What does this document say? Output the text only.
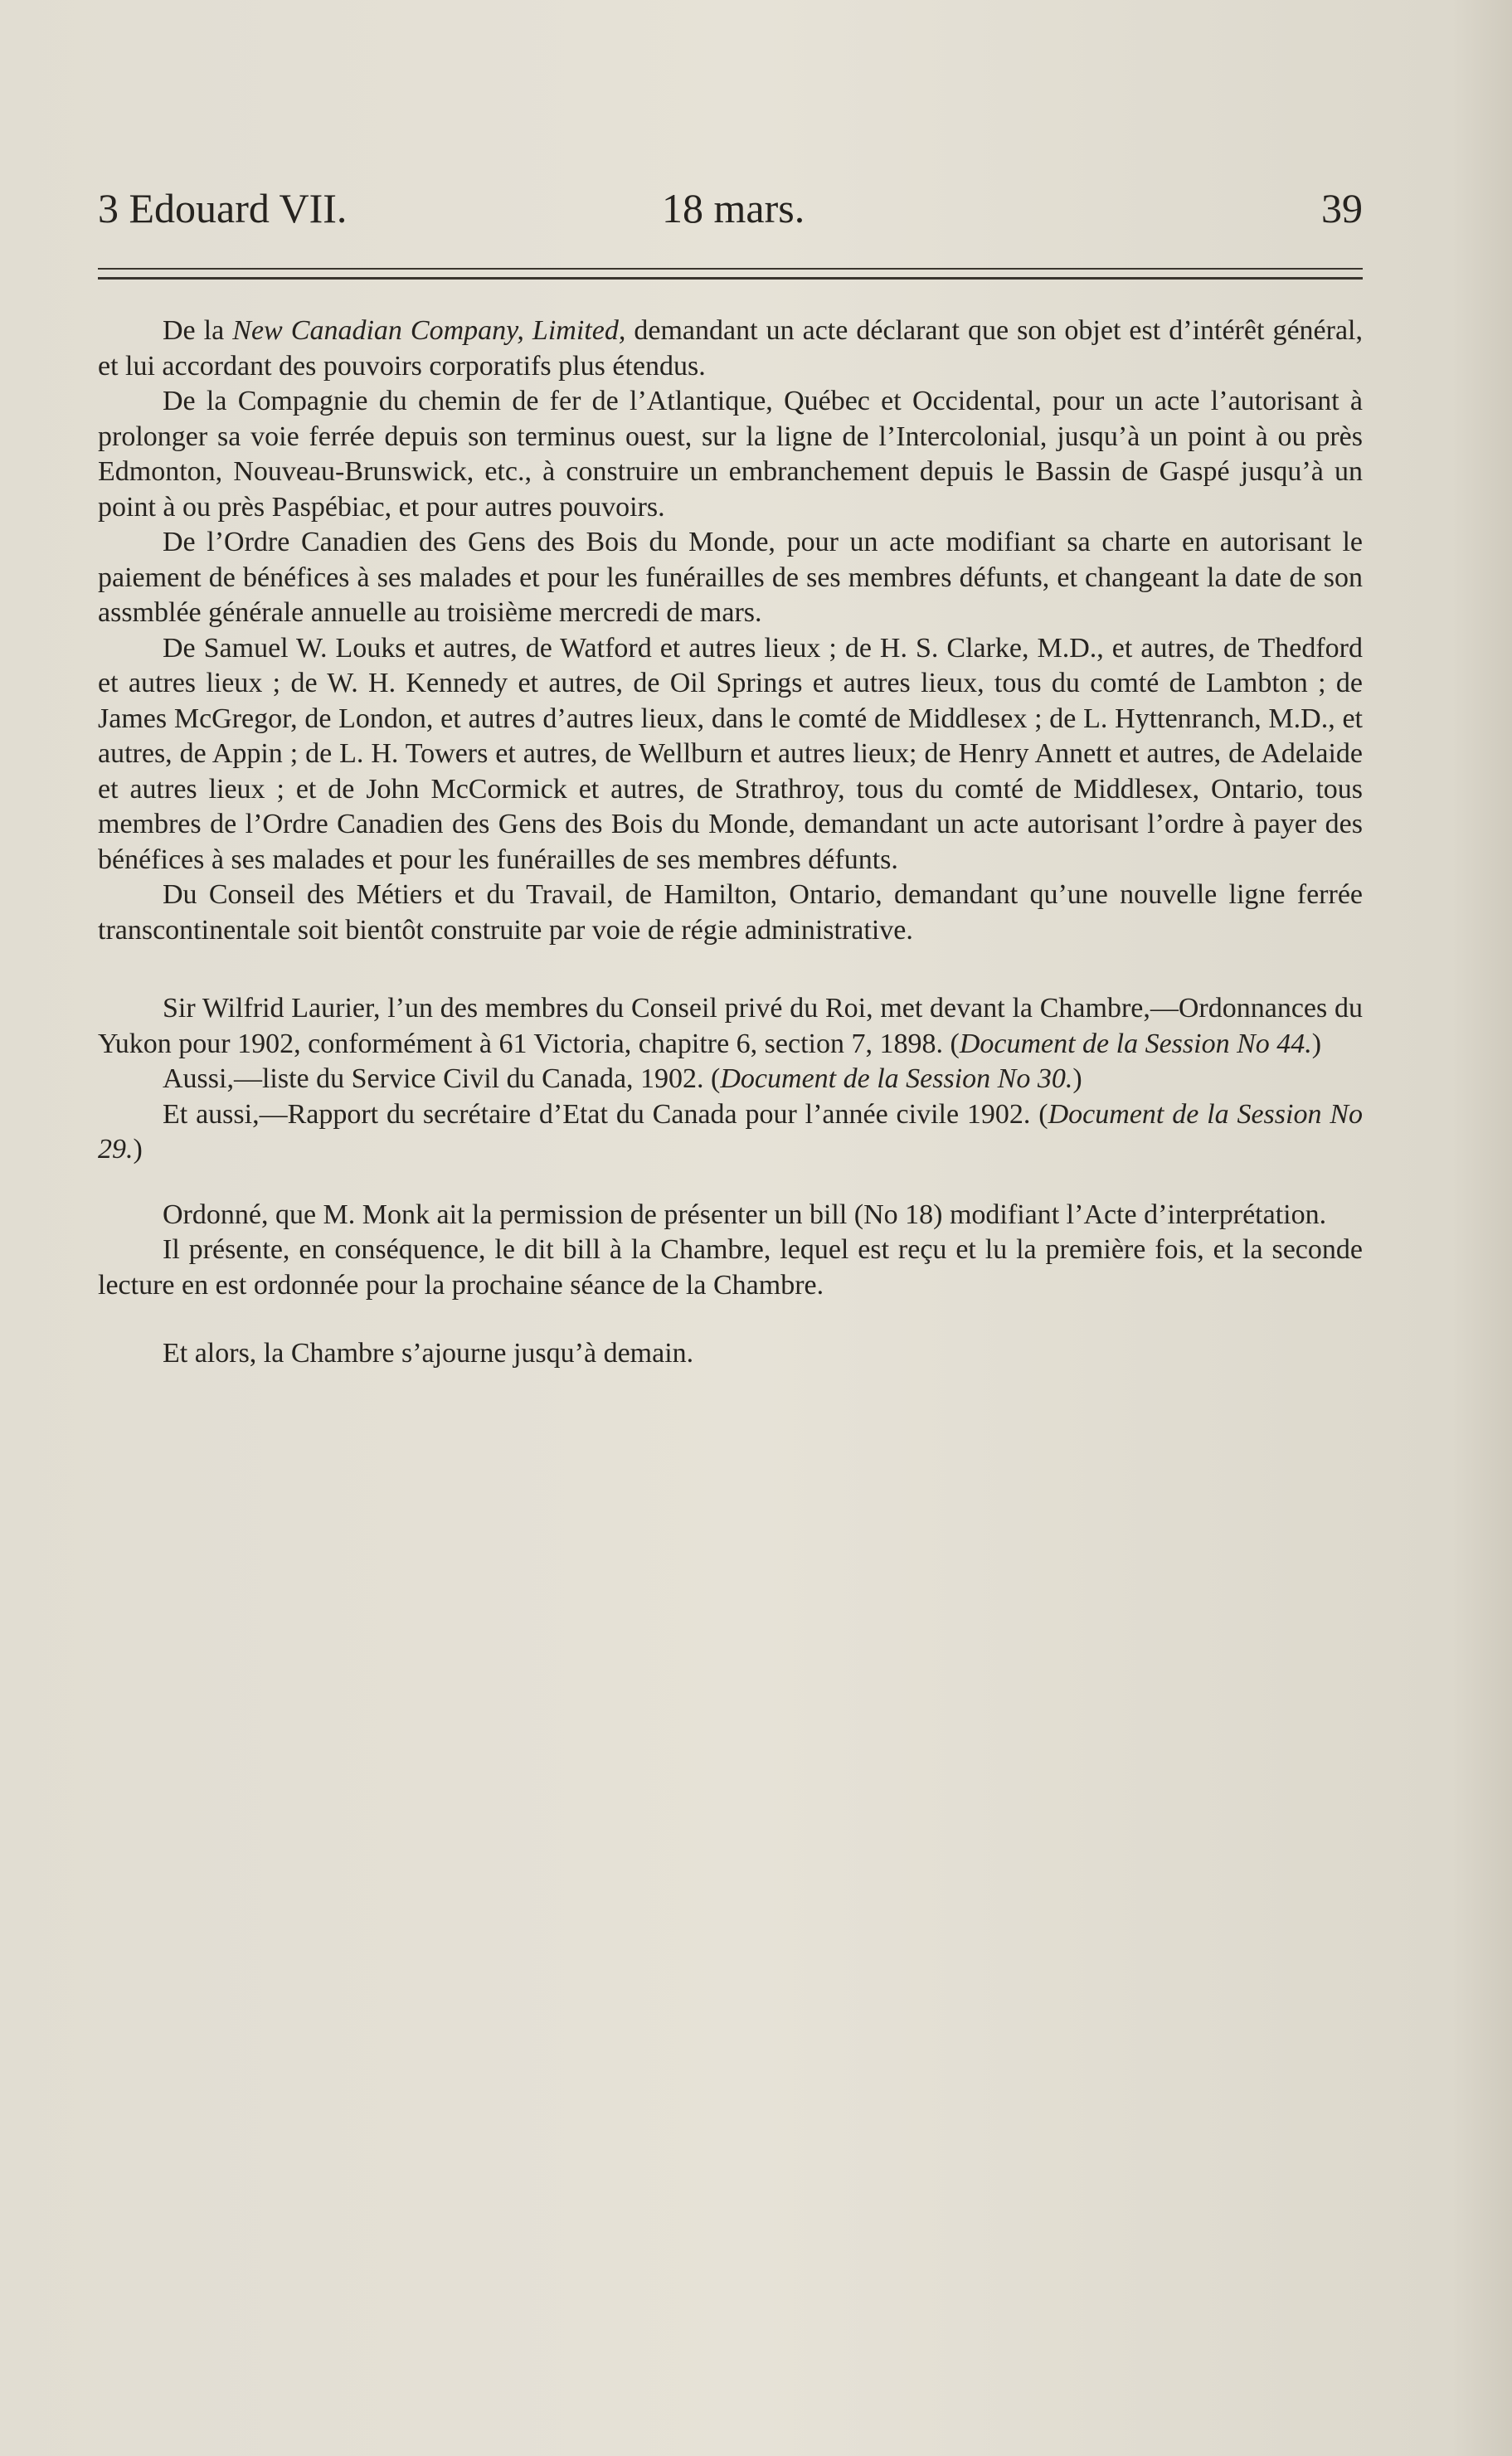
3 Edouard VII.	18 mars.	39

De la New Canadian Company, Limited, demandant un acte déclarant que son objet est d’intérêt général, et lui accordant des pouvoirs corporatifs plus étendus.

De la Compagnie du chemin de fer de l’Atlantique, Québec et Occidental, pour un acte l’autorisant à prolonger sa voie ferrée depuis son terminus ouest, sur la ligne de l’Intercolonial, jusqu’à un point à ou près Edmonton, Nouveau-Brunswick, etc., à construire un embranchement depuis le Bassin de Gaspé jusqu’à un point à ou près Paspébiac, et pour autres pouvoirs.

De l’Ordre Canadien des Gens des Bois du Monde, pour un acte modifiant sa charte en autorisant le paiement de bénéfices à ses malades et pour les funérailles de ses membres défunts, et changeant la date de son assmblée générale annuelle au troisième mercredi de mars.

De Samuel W. Louks et autres, de Watford et autres lieux ; de H. S. Clarke, M.D., et autres, de Thedford et autres lieux ; de W. H. Kennedy et autres, de Oil Springs et autres lieux, tous du comté de Lambton ; de James McGregor, de London, et autres d’autres lieux, dans le comté de Middlesex ; de L. Hyttenranch, M.D., et autres, de Appin ; de L. H. Towers et autres, de Wellburn et autres lieux; de Henry Annett et autres, de Adelaide et autres lieux ; et de John McCormick et autres, de Strathroy, tous du comté de Middlesex, Ontario, tous membres de l’Ordre Canadien des Gens des Bois du Monde, demandant un acte autorisant l’ordre à payer des bénéfices à ses malades et pour les funérailles de ses membres défunts.

Du Conseil des Métiers et du Travail, de Hamilton, Ontario, demandant qu’une nouvelle ligne ferrée transcontinentale soit bientôt construite par voie de régie administrative.

Sir Wilfrid Laurier, l’un des membres du Conseil privé du Roi, met devant la Chambre,—Ordonnances du Yukon pour 1902, conformément à 61 Victoria, chapitre 6, section 7, 1898. (Document de la Session No 44.)

Aussi,—liste du Service Civil du Canada, 1902. (Document de la Session No 30.)

Et aussi,—Rapport du secrétaire d’Etat du Canada pour l’année civile 1902. (Document de la Session No 29.)

Ordonné, que M. Monk ait la permission de présenter un bill (No 18) modifiant l’Acte d’interprétation.

Il présente, en conséquence, le dit bill à la Chambre, lequel est reçu et lu la première fois, et la seconde lecture en est ordonnée pour la prochaine séance de la Chambre.

Et alors, la Chambre s’ajourne jusqu’à demain.
